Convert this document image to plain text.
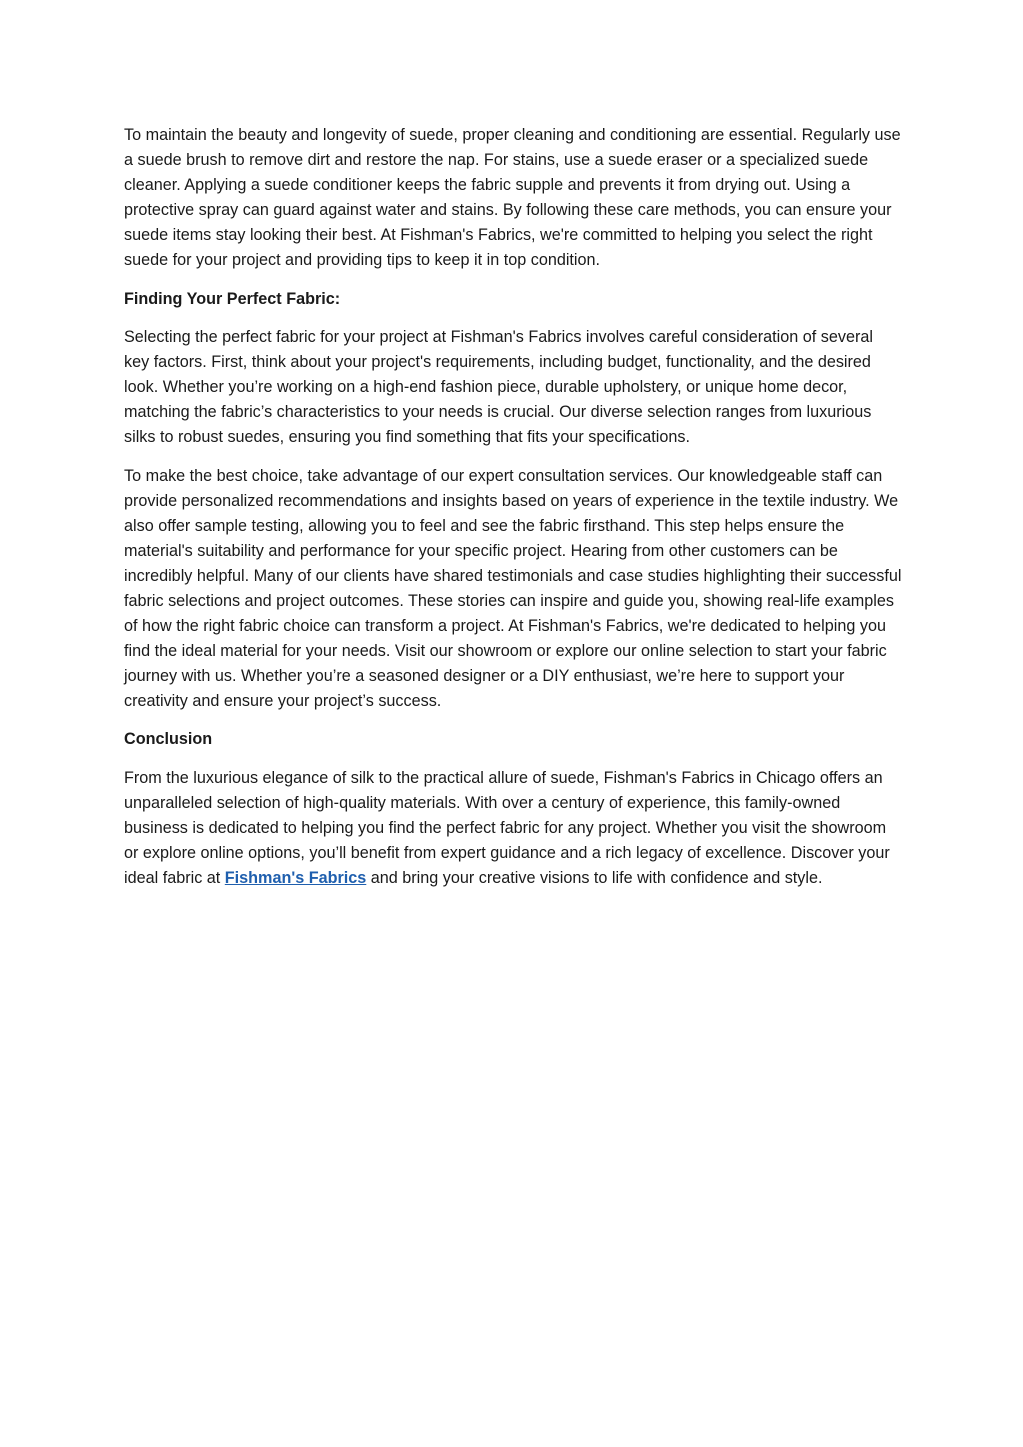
To maintain the beauty and longevity of suede, proper cleaning and conditioning are essential. Regularly use a suede brush to remove dirt and restore the nap. For stains, use a suede eraser or a specialized suede cleaner. Applying a suede conditioner keeps the fabric supple and prevents it from drying out. Using a protective spray can guard against water and stains. By following these care methods, you can ensure your suede items stay looking their best. At Fishman's Fabrics, we're committed to helping you select the right suede for your project and providing tips to keep it in top condition.

Finding Your Perfect Fabric:

Selecting the perfect fabric for your project at Fishman's Fabrics involves careful consideration of several key factors. First, think about your project's requirements, including budget, functionality, and the desired look. Whether you’re working on a high-end fashion piece, durable upholstery, or unique home decor, matching the fabric’s characteristics to your needs is crucial. Our diverse selection ranges from luxurious silks to robust suedes, ensuring you find something that fits your specifications.

To make the best choice, take advantage of our expert consultation services. Our knowledgeable staff can provide personalized recommendations and insights based on years of experience in the textile industry. We also offer sample testing, allowing you to feel and see the fabric firsthand. This step helps ensure the material's suitability and performance for your specific project. Hearing from other customers can be incredibly helpful. Many of our clients have shared testimonials and case studies highlighting their successful fabric selections and project outcomes. These stories can inspire and guide you, showing real-life examples of how the right fabric choice can transform a project. At Fishman's Fabrics, we're dedicated to helping you find the ideal material for your needs. Visit our showroom or explore our online selection to start your fabric journey with us. Whether you’re a seasoned designer or a DIY enthusiast, we’re here to support your creativity and ensure your project’s success.

Conclusion

From the luxurious elegance of silk to the practical allure of suede, Fishman's Fabrics in Chicago offers an unparalleled selection of high-quality materials. With over a century of experience, this family-owned business is dedicated to helping you find the perfect fabric for any project. Whether you visit the showroom or explore online options, you’ll benefit from expert guidance and a rich legacy of excellence. Discover your ideal fabric at Fishman's Fabrics and bring your creative visions to life with confidence and style.
